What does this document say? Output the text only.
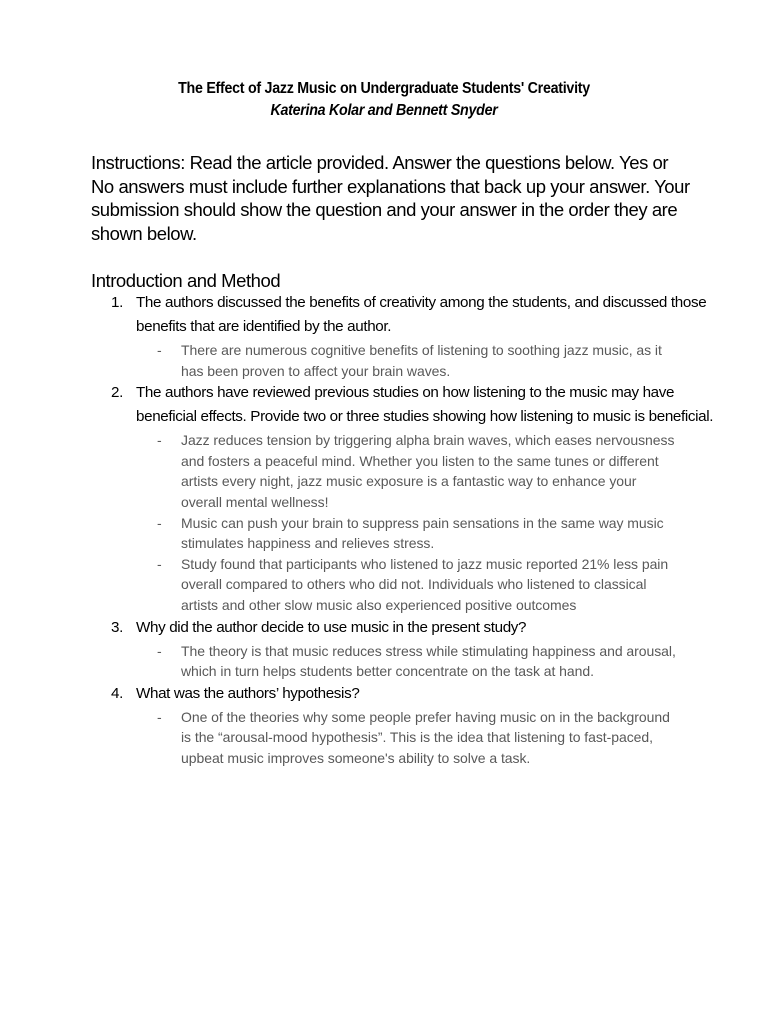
The Effect of Jazz Music on Undergraduate Students' Creativity
Katerina Kolar and Bennett Snyder

Instructions: Read the article provided. Answer the questions below. Yes or No answers must include further explanations that back up your answer. Your submission should show the question and your answer in the order they are shown below.

Introduction and Method
1. The authors discussed the benefits of creativity among the students, and discussed those benefits that are identified by the author.
- There are numerous cognitive benefits of listening to soothing jazz music, as it has been proven to affect your brain waves.
2. The authors have reviewed previous studies on how listening to the music may have beneficial effects. Provide two or three studies showing how listening to music is beneficial.
- Jazz reduces tension by triggering alpha brain waves, which eases nervousness and fosters a peaceful mind. Whether you listen to the same tunes or different artists every night, jazz music exposure is a fantastic way to enhance your overall mental wellness!
- Music can push your brain to suppress pain sensations in the same way music stimulates happiness and relieves stress.
- Study found that participants who listened to jazz music reported 21% less pain overall compared to others who did not. Individuals who listened to classical artists and other slow music also experienced positive outcomes
3. Why did the author decide to use music in the present study?
- The theory is that music reduces stress while stimulating happiness and arousal, which in turn helps students better concentrate on the task at hand.
4. What was the authors’ hypothesis?
- One of the theories why some people prefer having music on in the background is the “arousal-mood hypothesis”. This is the idea that listening to fast-paced, upbeat music improves someone's ability to solve a task.
